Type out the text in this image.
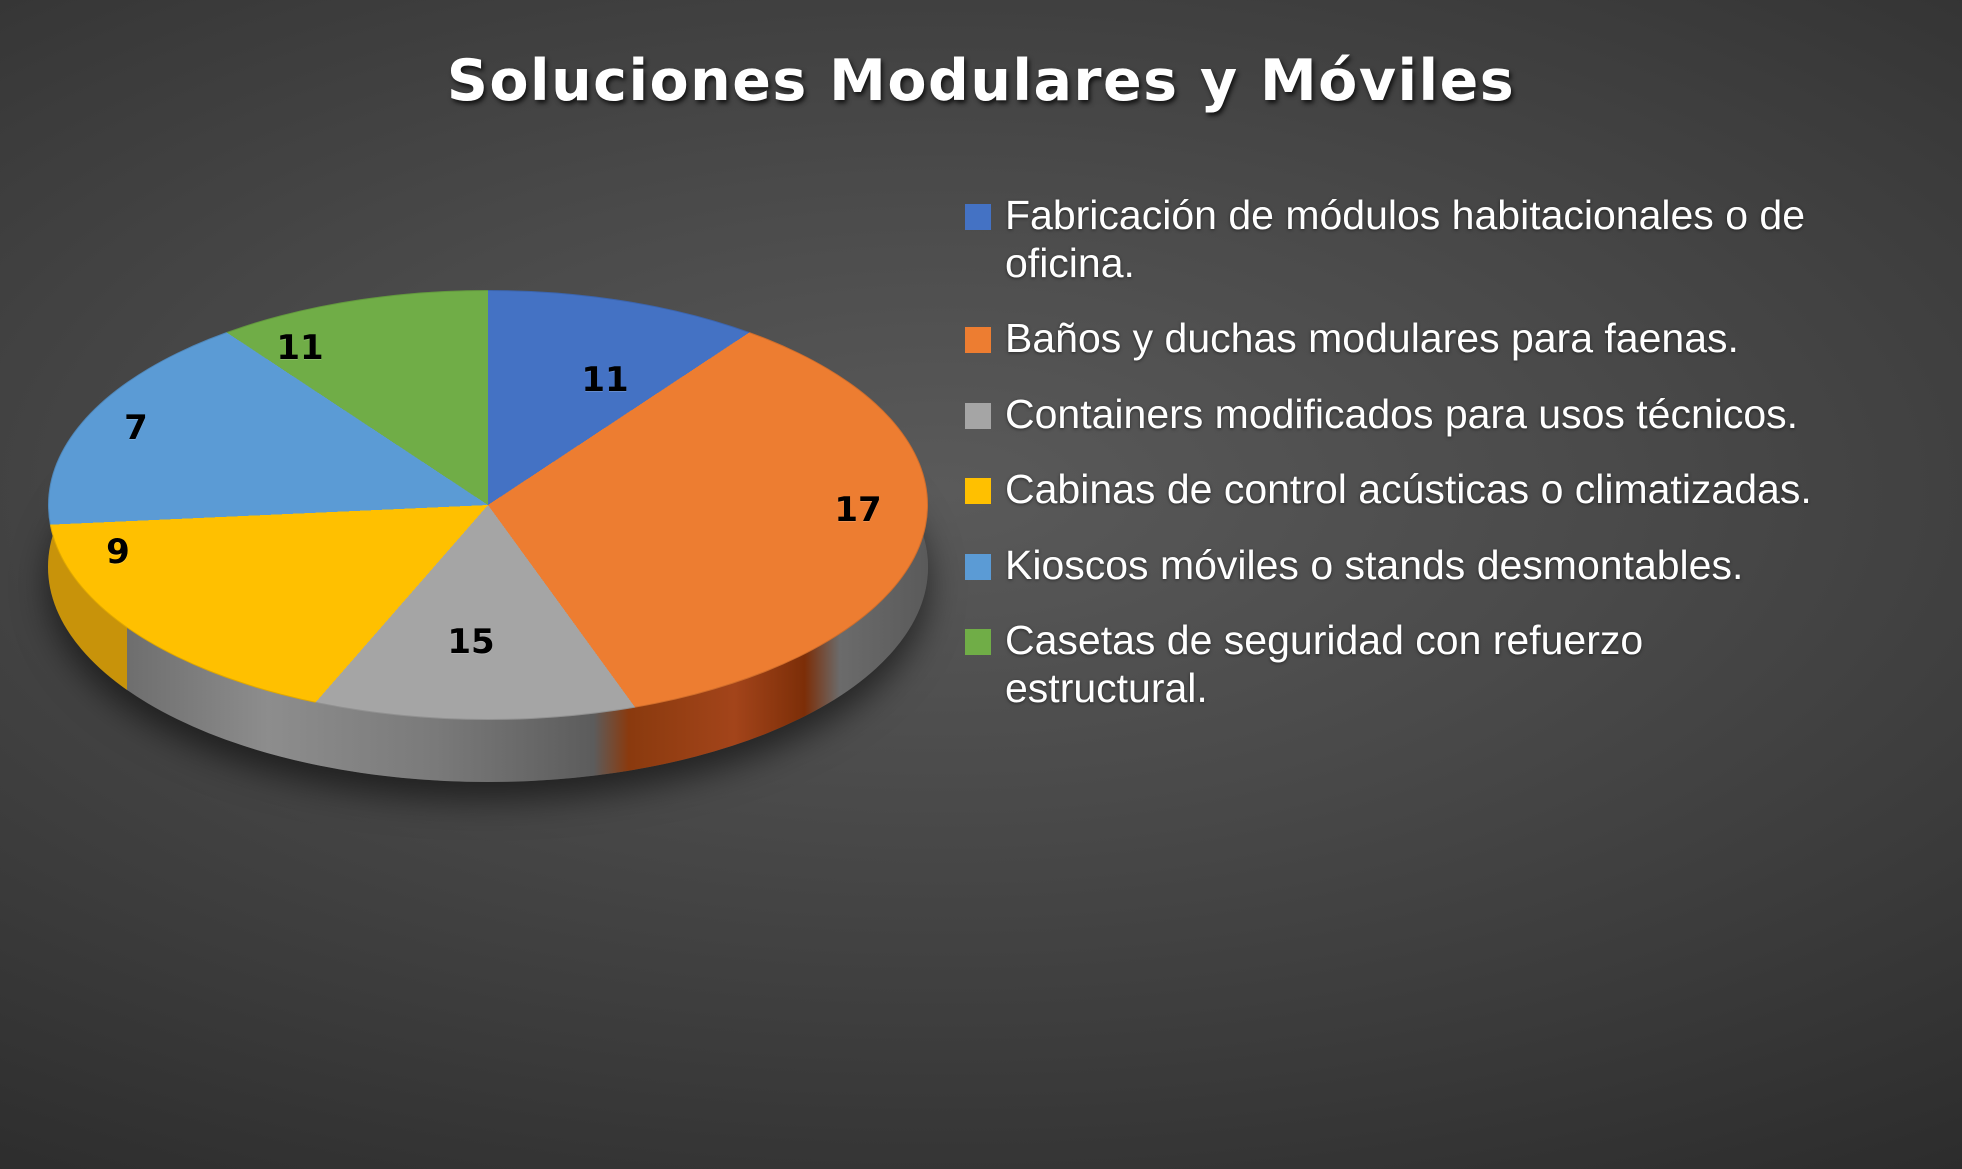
Soluciones Modulares y Móviles
11
17
15
9
7
11
Fabricación de módulos habitacionales o de oficina.
Baños y duchas modulares para faenas.
Containers modificados para usos técnicos.
Cabinas de control acústicas o climatizadas.
Kioscos móviles o stands desmontables.
Casetas de seguridad con refuerzo estructural.
